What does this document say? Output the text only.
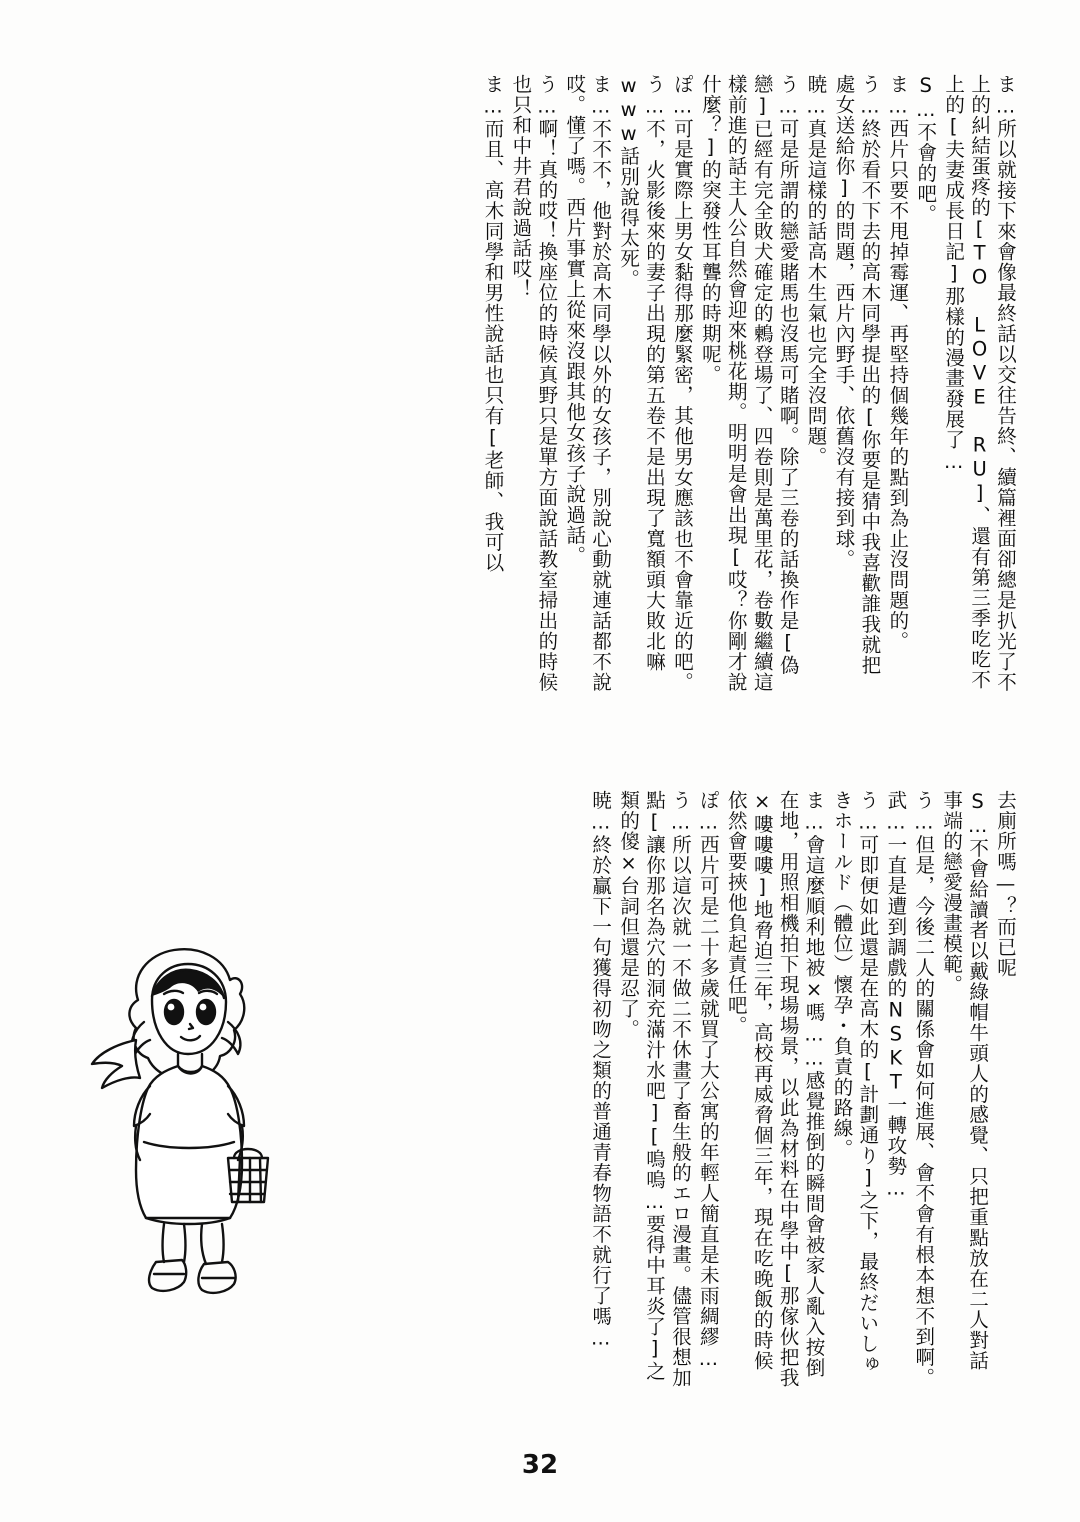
ま…所以就接下來會像最終話以交往告終、續篇裡面卻總是扒光了不上的糾結蛋疼的[TO LOVE RU]、還有第三季吃吃不上的[夫妻成長日記]那樣的漫畫發展了…
S…不會的吧。
ま…西片只要不甩掉霉運、再堅持個幾年的點到為止沒問題的。
う…終於看不下去的高木同學提出的[你要是猜中我喜歡誰我就把處女送給你]的問題，西片內野手、依舊沒有接到球。
暁…真是這樣的話高木生氣也完全沒問題。
う…可是所謂的戀愛賭馬也沒馬可賭啊。除了三卷的話換作是[偽戀]已經有完全敗犬確定的鶫登場了、四卷則是萬里花，卷數繼續這樣前進的話主人公自然會迎來桃花期。明明是會出現[哎？你剛才說什麼？]的突發性耳聾的時期呢。
ぽ…可是實際上男女黏得那麼緊密，其他男女應該也不會靠近的吧。
う…不，火影後來的妻子出現的第五卷不是出現了寬額頭大敗北嘛www話別說得太死。
ま…不不不，他對於高木同學以外的女孩子，別說心動就連話都不說哎。懂了嗎。西片事實上從來沒跟其他女孩子說過話。
う…啊！真的哎！換座位的時候真野只是單方面說話教室掃出的時候也只和中井君說過話哎！
ま…而且、高木同學和男性說話也只有[老師、我可以
去廁所嗎—？而已呢
S…不會給讀者以戴綠帽牛頭人的感覺、只把重點放在二人對話事端的戀愛漫畫模範。
う…但是，今後二人的關係會如何進展、會不會有根本想不到啊。
武…一直是遭到調戲的NSKT一轉攻勢…
う…可即便如此還是在高木的[計劃通り]之下，最終だいしゅきホールド（體位）懷孕・負責的路線。
ま…會這麼順利地被×嗎……感覺推倒的瞬間會被家人亂入按倒在地，用照相機拍下現場場景，以此為材料在中學中[那傢伙把我×嘍嘍嘍]地脅迫三年，高校再威脅個三年，現在吃晚飯的時候依然會要挾他負起責任吧。
ぽ…西片可是二十多歲就買了大公寓的年輕人簡直是未雨綢繆…
う…所以這次就一不做二不休畫了畜生般的エロ漫畫。儘管很想加點[讓你那名為穴的洞充滿汁水吧][嗚嗚…要得中耳炎了]之類的傻×台詞但還是忍了。
暁…終於贏下一句獲得初吻之類的普通青春物語不就行了嗎…
32
